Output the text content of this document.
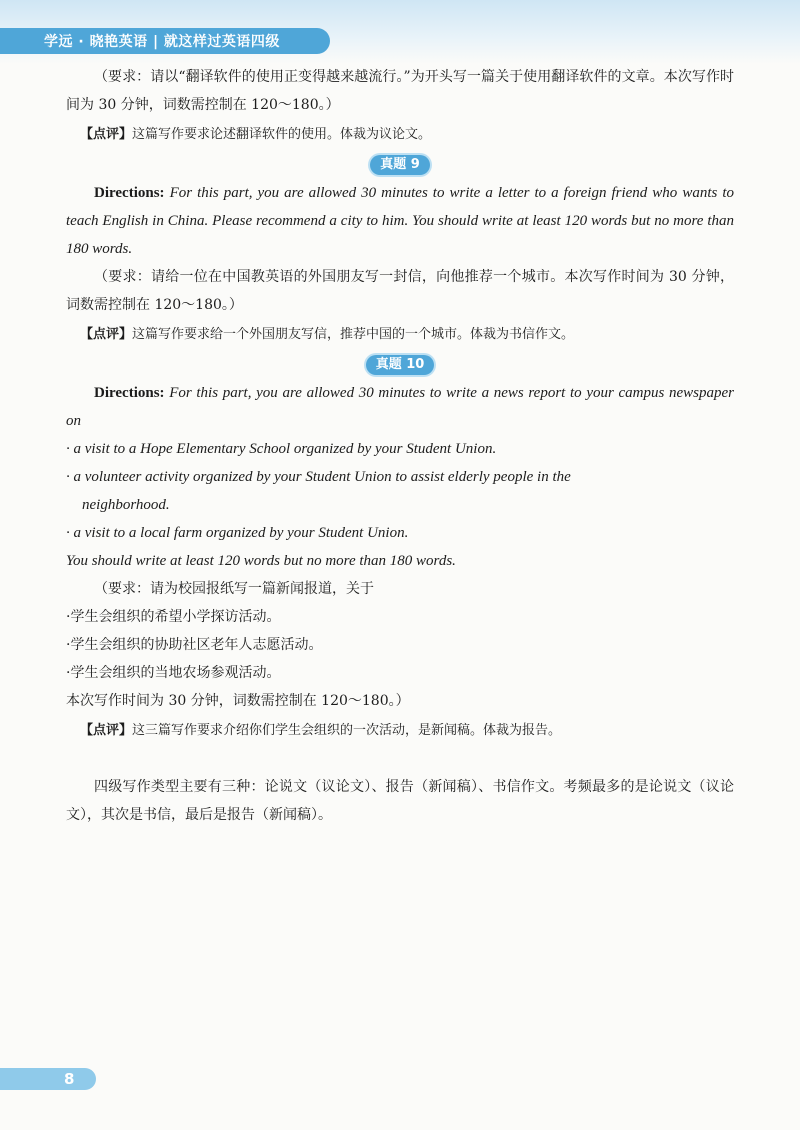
学远 · 晓艳英语 | 就这样过英语四级

（要求：请以“翻译软件的使用正变得越来越流行。”为开头写一篇关于使用翻译软件的文章。本次写作时间为 30 分钟，词数需控制在 120～180。）

【点评】这篇写作要求论述翻译软件的使用。体裁为议论文。

真题 9

Directions: For this part, you are allowed 30 minutes to write a letter to a foreign friend who wants to teach English in China. Please recommend a city to him. You should write at least 120 words but no more than 180 words.

（要求：请给一位在中国教英语的外国朋友写一封信，向他推荐一个城市。本次写作时间为 30 分钟，词数需控制在 120～180。）

【点评】这篇写作要求给一个外国朋友写信，推荐中国的一个城市。体裁为书信作文。

真题 10

Directions: For this part, you are allowed 30 minutes to write a news report to your campus newspaper on

· a visit to a Hope Elementary School organized by your Student Union.

· a volunteer activity organized by your Student Union to assist elderly people in the

neighborhood.

· a visit to a local farm organized by your Student Union.

You should write at least 120 words but no more than 180 words.

（要求：请为校园报纸写一篇新闻报道，关于

·学生会组织的希望小学探访活动。

·学生会组织的协助社区老年人志愿活动。

·学生会组织的当地农场参观活动。

本次写作时间为 30 分钟，词数需控制在 120～180。）

【点评】这三篇写作要求介绍你们学生会组织的一次活动，是新闻稿。体裁为报告。

四级写作类型主要有三种：论说文（议论文）、报告（新闻稿）、书信作文。考频最多的是论说文（议论文），其次是书信，最后是报告（新闻稿）。

8
